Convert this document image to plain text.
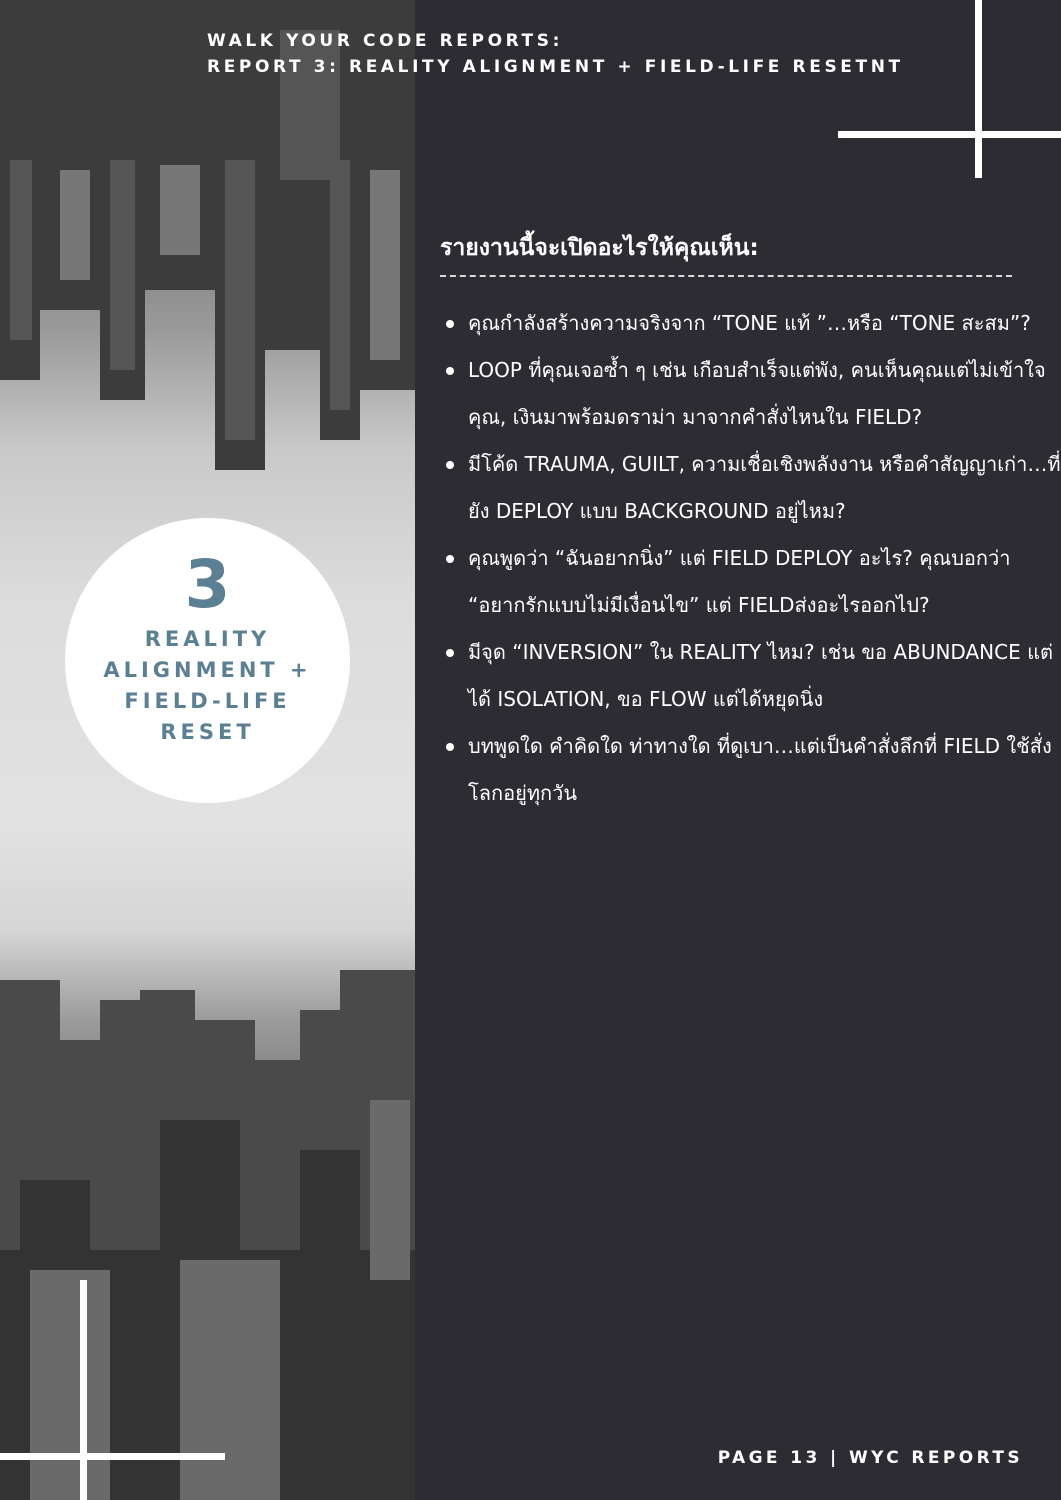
WALK YOUR CODE REPORTS:
REPORT 3: REALITY ALIGNMENT + FIELD-LIFE RESETNT
3
REALITY
ALIGNMENT +
FIELD-LIFE
RESET
รายงานนี้จะเปิดอะไรให้คุณเห็น:
คุณกำลังสร้างความจริงจาก “TONE แท้ ”…หรือ “TONE สะสม”?
LOOP ที่คุณเจอซ้ำ ๆ เช่น เกือบสำเร็จแต่พัง, คนเห็นคุณแต่ไม่เข้าใจคุณ, เงินมาพร้อมดราม่า มาจากคำสั่งไหนใน FIELD?
มีโค้ด TRAUMA, GUILT, ความเชื่อเชิงพลังงาน หรือคำสัญญาเก่า…ที่ยัง DEPLOY แบบ BACKGROUND อยู่ไหม?
คุณพูดว่า “ฉันอยากนิ่ง” แต่ FIELD DEPLOY อะไร? คุณบอกว่า “อยากรักแบบไม่มีเงื่อนไข” แต่ FIELDส่งอะไรออกไป?
มีจุด “INVERSION” ใน REALITY ไหม? เช่น ขอ ABUNDANCE แต่ได้ ISOLATION, ขอ FLOW แต่ได้หยุดนิ่ง
บทพูดใด คำคิดใด ท่าทางใด ที่ดูเบา…แต่เป็นคำสั่งลึกที่ FIELD ใช้สั่งโลกอยู่ทุกวัน
PAGE 13 | WYC REPORTS
